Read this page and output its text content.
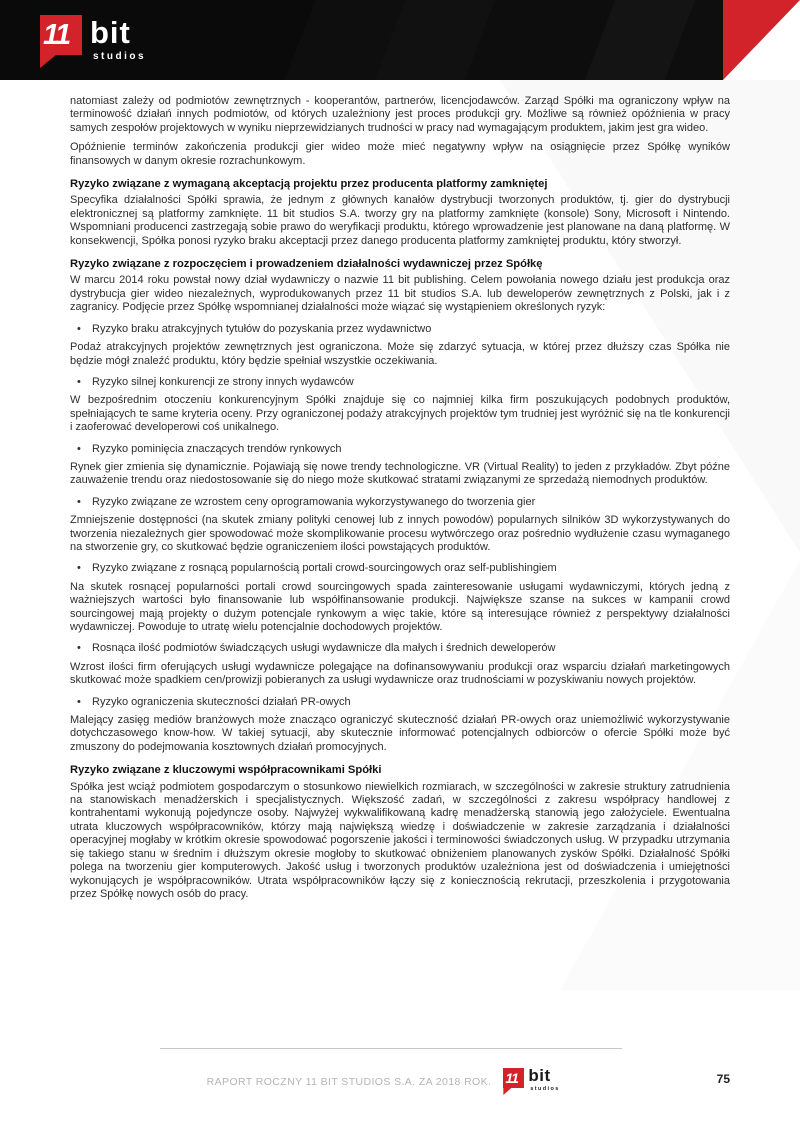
11 bit
studios

natomiast zależy od podmiotów zewnętrznych - kooperantów, partnerów, licencjodawców. Zarząd Spółki ma ograniczony wpływ na terminowość działań innych podmiotów, od których uzależniony jest proces produkcji gry. Możliwe są również opóźnienia w pracy samych zespołów projektowych w wyniku nieprzewidzianych trudności w pracy nad wymagającym produktem, jakim jest gra wideo.

Opóźnienie terminów zakończenia produkcji gier wideo może mieć negatywny wpływ na osiągnięcie przez Spółkę wyników finansowych w danym okresie rozrachunkowym.

Ryzyko związane z wymaganą akceptacją projektu przez producenta platformy zamkniętej

Specyfika działalności Spółki sprawia, że jednym z głównych kanałów dystrybucji tworzonych produktów, tj. gier do dystrybucji elektronicznej są platformy zamknięte. 11 bit studios S.A. tworzy gry na platformy zamknięte (konsole) Sony, Microsoft i Nintendo. Wspomniani producenci zastrzegają sobie prawo do weryfikacji produktu, którego wprowadzenie jest planowane na daną platformę. W konsekwencji, Spółka ponosi ryzyko braku akceptacji przez danego producenta platformy zamkniętej produktu, który stworzył.

Ryzyko związane z rozpoczęciem i prowadzeniem działalności wydawniczej przez Spółkę

W marcu 2014 roku powstał nowy dział wydawniczy o nazwie 11 bit publishing. Celem powołania nowego działu jest produkcja oraz dystrybucja gier wideo niezależnych, wyprodukowanych przez 11 bit studios S.A. lub deweloperów zewnętrznych z Polski, jak i z zagranicy. Podjęcie przez Spółkę wspomnianej działalności może wiązać się wystąpieniem określonych ryzyk:

•	Ryzyko braku atrakcyjnych tytułów do pozyskania przez wydawnictwo

Podaż atrakcyjnych projektów zewnętrznych jest ograniczona. Może się zdarzyć sytuacja, w której przez dłuższy czas Spółka nie będzie mógł znaleźć produktu, który będzie spełniał wszystkie oczekiwania.

•	Ryzyko silnej konkurencji ze strony innych wydawców

W bezpośrednim otoczeniu konkurencyjnym Spółki znajduje się co najmniej kilka firm poszukujących podobnych produktów, spełniających te same kryteria oceny. Przy ograniczonej podaży atrakcyjnych projektów tym trudniej jest wyróżnić się na tle konkurencji i zaoferować developerowi coś unikalnego.

•	Ryzyko pominięcia znaczących trendów rynkowych

Rynek gier zmienia się dynamicznie. Pojawiają się nowe trendy technologiczne. VR (Virtual Reality) to jeden z przykładów. Zbyt późne zauważenie trendu oraz niedostosowanie się do niego może skutkować stratami związanymi ze sprzedażą niemodnych produktów.

•	Ryzyko związane ze wzrostem ceny oprogramowania wykorzystywanego do tworzenia gier

Zmniejszenie dostępności (na skutek zmiany polityki cenowej lub z innych powodów) popularnych silników 3D wykorzystywanych do tworzenia niezależnych gier spowodować może skomplikowanie procesu wytwórczego oraz pośrednio wydłużenie czasu wymaganego na stworzenie gry, co skutkować będzie ograniczeniem ilości powstających produktów.

•	Ryzyko związane z rosnącą popularnością portali crowd-sourcingowych oraz self-publishingiem

Na skutek rosnącej popularności portali crowd sourcingowych spada zainteresowanie usługami wydawniczymi, których jedną z ważniejszych wartości było finansowanie lub współfinansowanie produkcji. Największe szanse na sukces w kampanii crowd sourcingowej mają projekty o dużym potencjale rynkowym a więc takie, które są interesujące również z perspektywy działalności wydawniczej. Powoduje to utratę wielu potencjalnie dochodowych projektów.

•	Rosnąca ilość podmiotów świadczących usługi wydawnicze dla małych i średnich deweloperów

Wzrost ilości firm oferujących usługi wydawnicze polegające na dofinansowywaniu produkcji oraz wsparciu działań marketingowych skutkować może spadkiem cen/prowizji pobieranych za usługi wydawnicze oraz trudnościami w pozyskiwaniu nowych projektów.

•	Ryzyko ograniczenia skuteczności działań PR-owych

Malejący zasięg mediów branżowych może znacząco ograniczyć skuteczność działań PR-owych oraz uniemożliwić wykorzystywanie dotychczasowego know-how. W takiej sytuacji, aby skutecznie informować potencjalnych odbiorców o ofercie Spółki może być zmuszony do podejmowania kosztownych działań promocyjnych.

Ryzyko związane z kluczowymi współpracownikami Spółki

Spółka jest wciąż podmiotem gospodarczym o stosunkowo niewielkich rozmiarach, w szczególności w zakresie struktury zatrudnienia na stanowiskach menadżerskich i specjalistycznych. Większość zadań, w szczególności z zakresu współpracy handlowej z kontrahentami wykonują pojedyncze osoby. Najwyżej wykwalifikowaną kadrę menadżerską stanowią jego założyciele. Ewentualna utrata kluczowych współpracowników, którzy mają największą wiedzę i doświadczenie w zakresie zarządzania i działalności operacyjnej mogłaby w krótkim okresie spowodować pogorszenie jakości i terminowości świadczonych usług. W przypadku utrzymania się takiego stanu w średnim i dłuższym okresie mogłoby to skutkować obniżeniem planowanych zysków Spółki. Działalność Spółki polega na tworzeniu gier komputerowych. Jakość usług i tworzonych produktów uzależniona jest od doświadczenia i umiejętności wykonujących je współpracowników. Utrata współpracowników łączy się z koniecznością rekrutacji, przeszkolenia i przygotowania przez Spółkę nowych osób do pracy.

RAPORT ROCZNY 11 BIT STUDIOS S.A. ZA 2018 ROK. 11 bit
studios
75
